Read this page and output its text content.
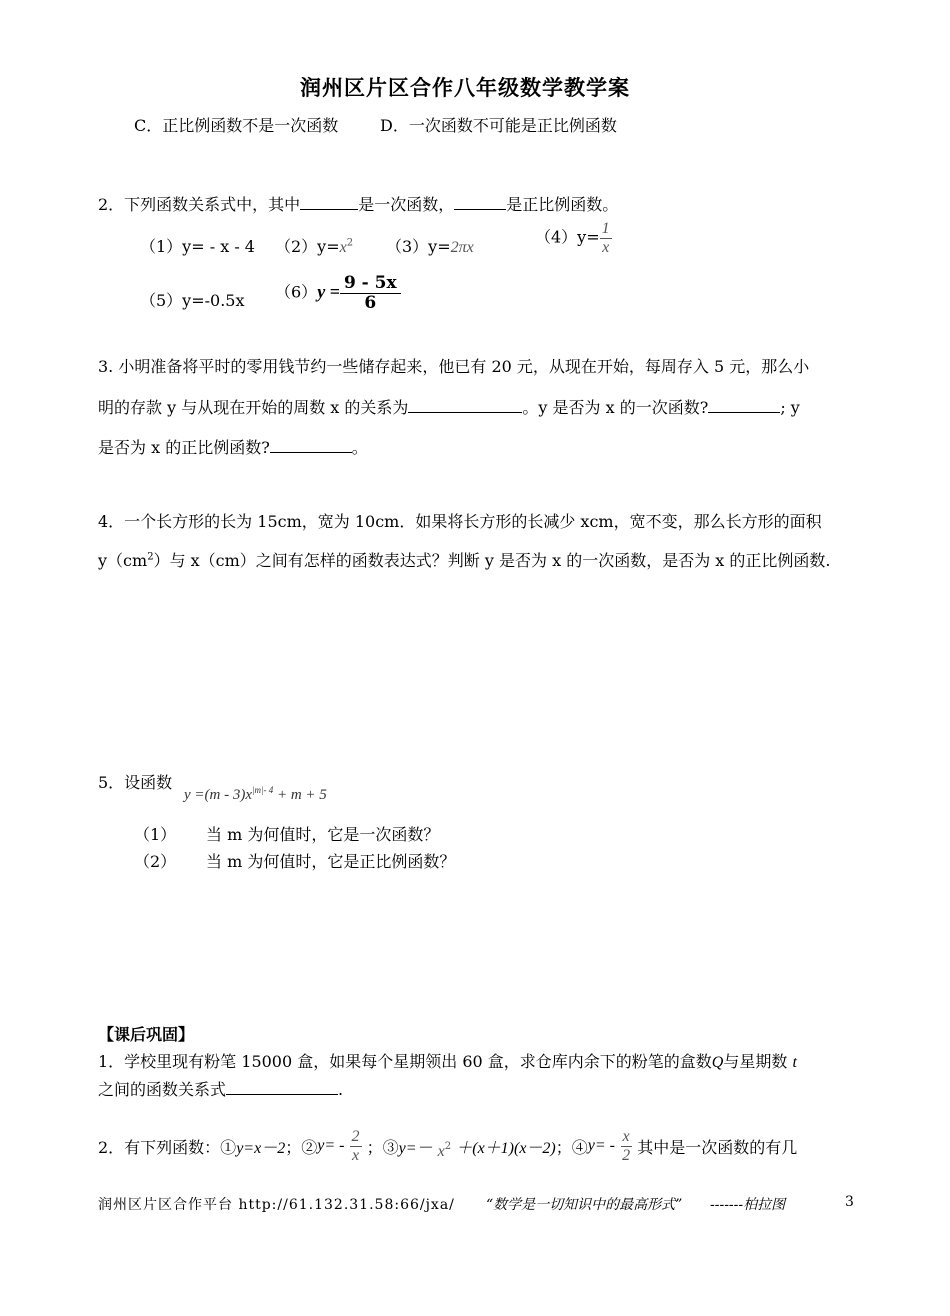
润州区片区合作八年级数学教学案
C．正比例函数不是一次函数	D．一次函数不可能是正比例函数
2．下列函数关系式中，其中	是一次函数，	是正比例函数。
（1）y= - x - 4 $(2)y=x^2$ （3）y=2πx
$(4)y= \frac{1}{x}$
（5）y=-0.5x $(6)y = \frac{9 - 5x}{6}$
3. 小明准备将平时的零用钱节约一些储存起来，他已有 20 元，从现在开始，每周存入 5 元，那么小
明的存款 y 与从现在开始的周数 x 的关系为	。y 是否为 x 的一次函数?	; y
是否为 x 的正比例函数?	。
4．一个长方形的长为 15cm，宽为 10cm．如果将长方形的长减少 xcm，宽不变，那么长方形的面积
$y(cm^2)$与 x（cm）之间有怎样的函数表达式？判断 y 是否为 x 的一次函数，是否为 x 的正比例函数.
5．设函数
$y =(m - 3)x^{|m|- 4} + m + 5$
（1） 当 m 为何值时，它是一次函数？
（2） 当 m 为何值时，它是正比例函数？
【课后巩固】
1．学校里现有粉笔 15000 盒，如果每个星期领出 60 盒，求仓库内余下的粉笔的盒数Q与星期数 t
之间的函数关系式	.
2．有下列函数：① y=x－2 ；② y= -
$\frac{2}{x}$
；③ y=－
x 2
＋(x＋1)(x－2) ；④ y= -
$\frac{x}{2}$
其中是一次函数的有几
润州区片区合作平台 http://61.132.31.58:66/jxa/ “数学是一切知识中的最高形式” -------柏拉图	3
